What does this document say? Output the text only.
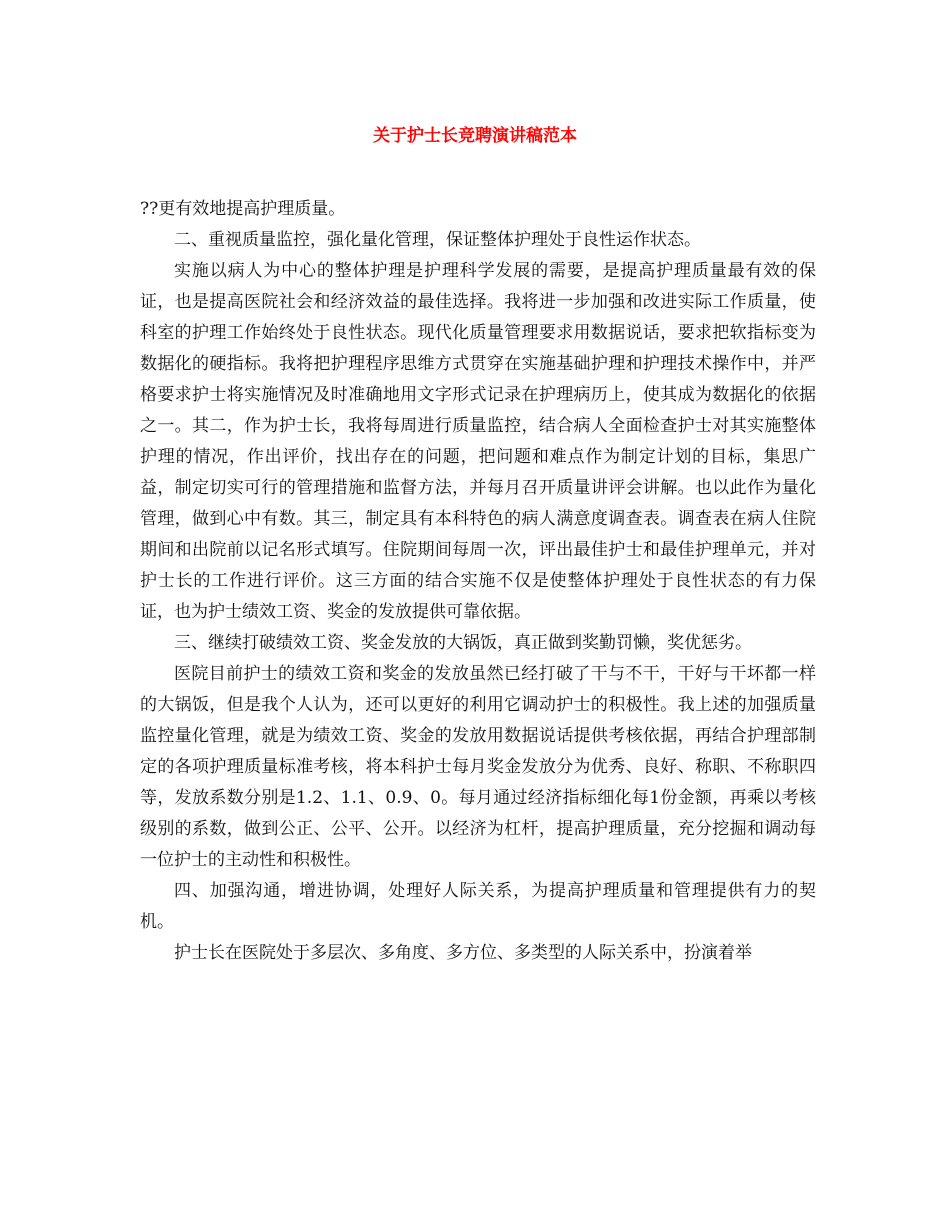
关于护士长竞聘演讲稿范本

??更有效地提高护理质量。

二、重视质量监控，强化量化管理，保证整体护理处于良性运作状态。

实施以病人为中心的整体护理是护理科学发展的需要，是提高护理质量最有效的保证，也是提高医院社会和经济效益的最佳选择。我将进一步加强和改进实际工作质量，使科室的护理工作始终处于良性状态。现代化质量管理要求用数据说话，要求把软指标变为数据化的硬指标。我将把护理程序思维方式贯穿在实施基础护理和护理技术操作中，并严格要求护士将实施情况及时准确地用文字形式记录在护理病历上，使其成为数据化的依据之一。其二，作为护士长，我将每周进行质量监控，结合病人全面检查护士对其实施整体护理的情况，作出评价，找出存在的问题，把问题和难点作为制定计划的目标，集思广益，制定切实可行的管理措施和监督方法，并每月召开质量讲评会讲解。也以此作为量化管理，做到心中有数。其三，制定具有本科特色的病人满意度调查表。调查表在病人住院期间和出院前以记名形式填写。住院期间每周一次，评出最佳护士和最佳护理单元，并对护士长的工作进行评价。这三方面的结合实施不仅是使整体护理处于良性状态的有力保证，也为护士绩效工资、奖金的发放提供可靠依据。

三、继续打破绩效工资、奖金发放的大锅饭，真正做到奖勤罚懒，奖优惩劣。

医院目前护士的绩效工资和奖金的发放虽然已经打破了干与不干，干好与干坏都一样的大锅饭，但是我个人认为，还可以更好的利用它调动护士的积极性。我上述的加强质量监控量化管理，就是为绩效工资、奖金的发放用数据说话提供考核依据，再结合护理部制定的各项护理质量标准考核，将本科护士每月奖金发放分为优秀、良好、称职、不称职四等，发放系数分别是1.2、1.1、0.9、0。每月通过经济指标细化每1份金额，再乘以考核级别的系数，做到公正、公平、公开。以经济为杠杆，提高护理质量，充分挖掘和调动每一位护士的主动性和积极性。

四、加强沟通，增进协调，处理好人际关系，为提高护理质量和管理提供有力的契机。

护士长在医院处于多层次、多角度、多方位、多类型的人际关系中，扮演着举
